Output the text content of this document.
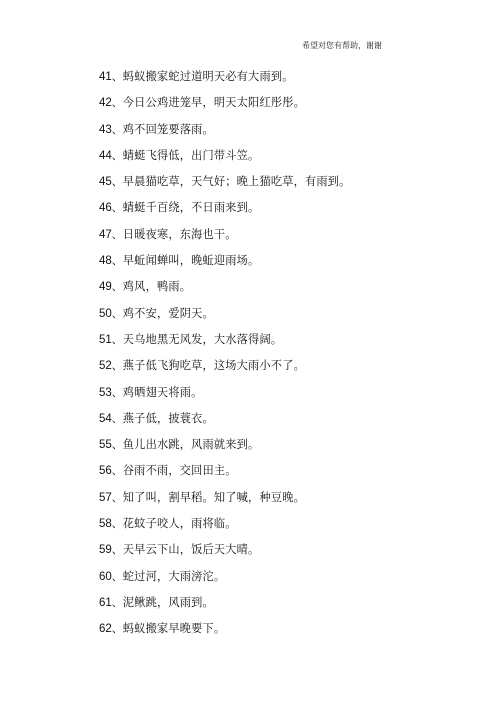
希望对您有帮助，谢谢
41、蚂蚁搬家蛇过道明天必有大雨到。
42、今日公鸡进笼早，明天太阳红彤彤。
43、鸡不回笼要落雨。
44、蜻蜓飞得低，出门带斗笠。
45、早晨猫吃草，天气好；晚上猫吃草，有雨到。
46、蜻蜓千百绕，不日雨来到。
47、日暖夜寒，东海也干。
48、早蚯闻蝉叫，晚蚯迎雨场。
49、鸡风，鸭雨。
50、鸡不安，爱阴天。
51、天乌地黑无风发，大水落得阔。
52、燕子低飞狗吃草，这场大雨小不了。
53、鸡晒翅天将雨。
54、燕子低，披蓑衣。
55、鱼儿出水跳，风雨就来到。
56、谷雨不雨，交回田主。
57、知了叫，割早稻。知了喊，种豆晚。
58、花蚊子咬人，雨将临。
59、天早云下山，饭后天大晴。
60、蛇过河，大雨滂沱。
61、泥鳅跳，风雨到。
62、蚂蚁搬家早晚要下。
